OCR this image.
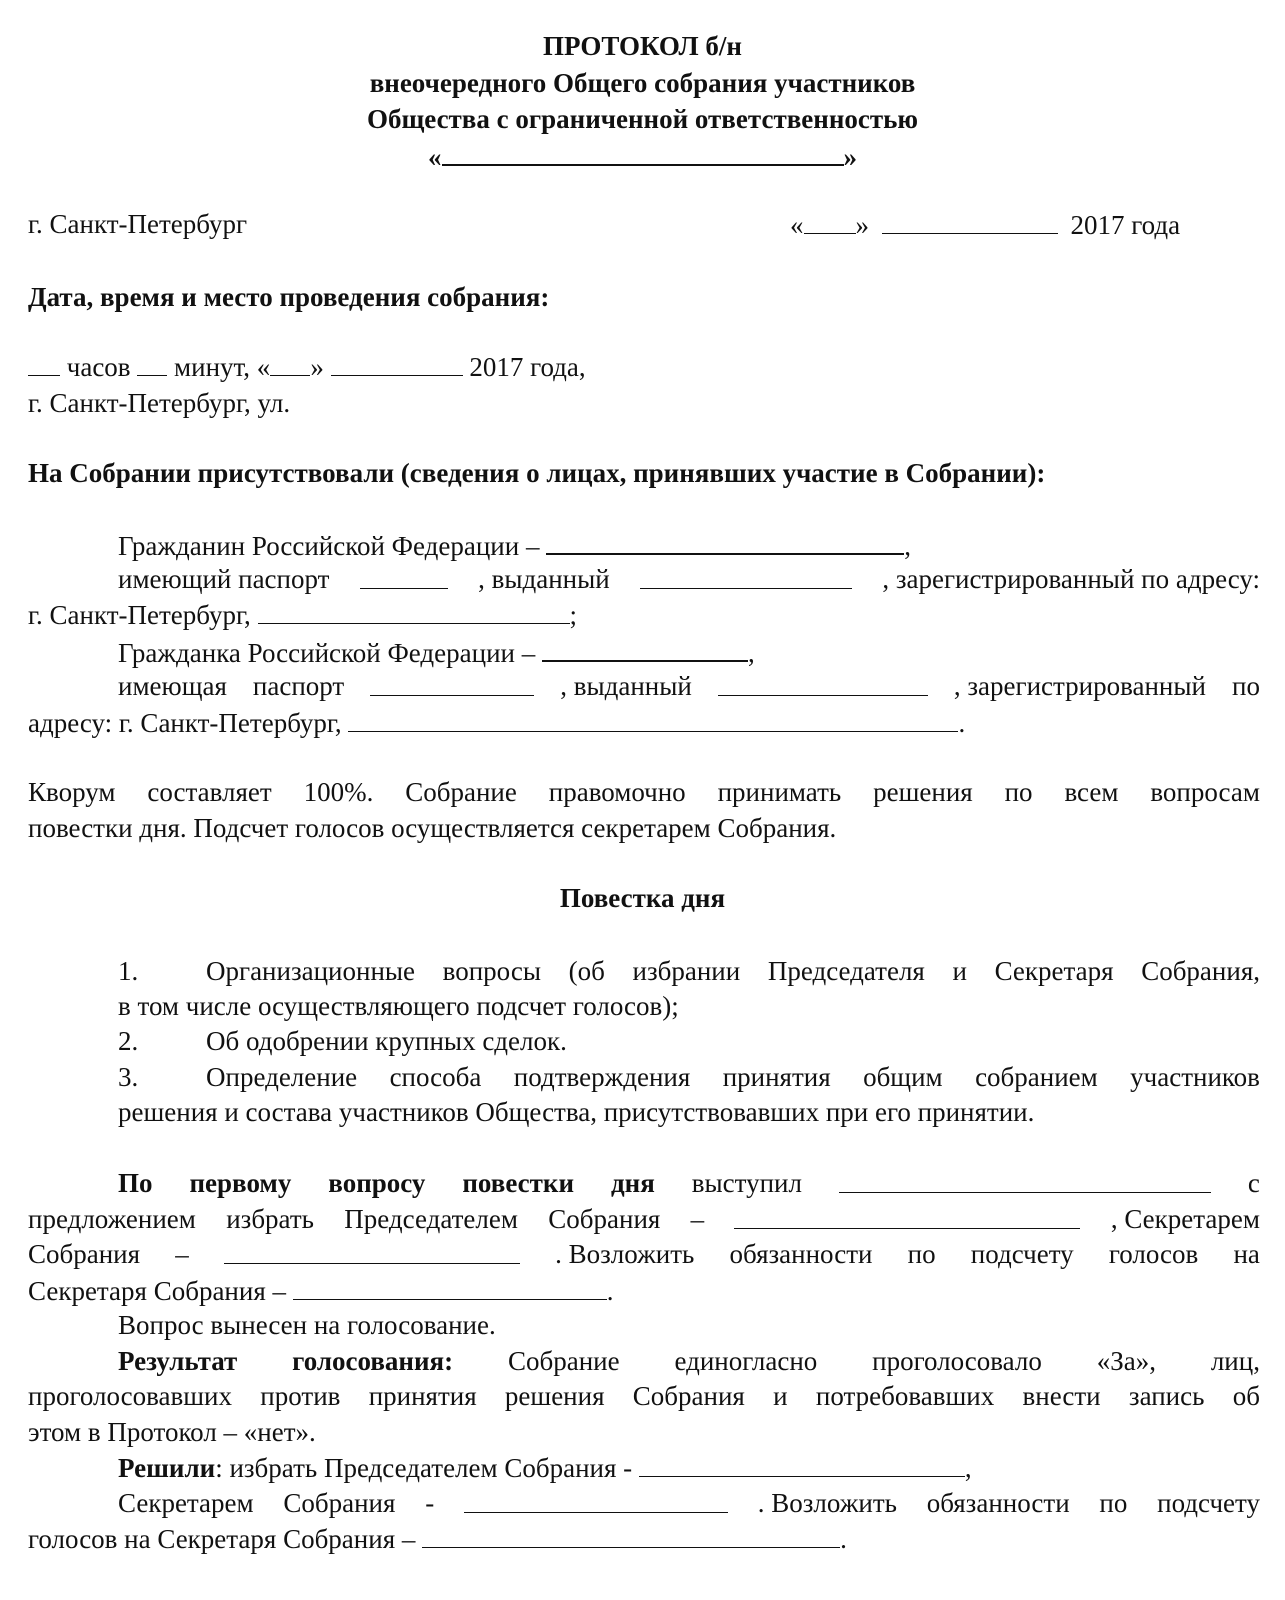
ПРОТОКОЛ б/н
внеочередного Общего собрания участников
Общества с ограниченной ответственностью
«	»
г. Санкт-Петербург	« »	2017 года
Дата, время и место проведения собрания:
часов минут, « »	2017 года,
г. Санкт-Петербург, ул.
На Собрании присутствовали (сведения о лицах, принявших участие в Собрании):
Гражданин Российской Федерации –	,
имеющий паспорт	, выданный	, зарегистрированный по адресу:
г. Санкт-Петербург,	;
Гражданка Российской Федерации –	,
имеющая паспорт	, выданный	, зарегистрированный по
адресу: г. Санкт-Петербург,	.
Кворум составляет 100%. Собрание правомочно принимать решения по всем вопросам
повестки дня. Подсчет голосов осуществляется секретарем Собрания.
Повестка дня
1.	Организационные вопросы (об избрании Председателя и Секретаря Собрания,
в том числе осуществляющего подсчет голосов);
2.	Об одобрении крупных сделок.
3.	Определение способа подтверждения принятия общим собранием участников
решения и состава участников Общества, присутствовавших при его принятии.
По первому вопросу повестки дня выступил	с
предложением избрать Председателем Собрания –	, Секретарем
Собрания –	. Возложить обязанности по подсчету голосов на
Секретаря Собрания –	.
Вопрос вынесен на голосование.
Результат голосования: Собрание единогласно проголосовало «За», лиц,
проголосовавших против принятия решения Собрания и потребовавших внести запись об
этом в Протокол – «нет».
Решили: избрать Председателем Собрания -	,
Секретарем Собрания -	. Возложить обязанности по подсчету
голосов на Секретаря Собрания –	.
